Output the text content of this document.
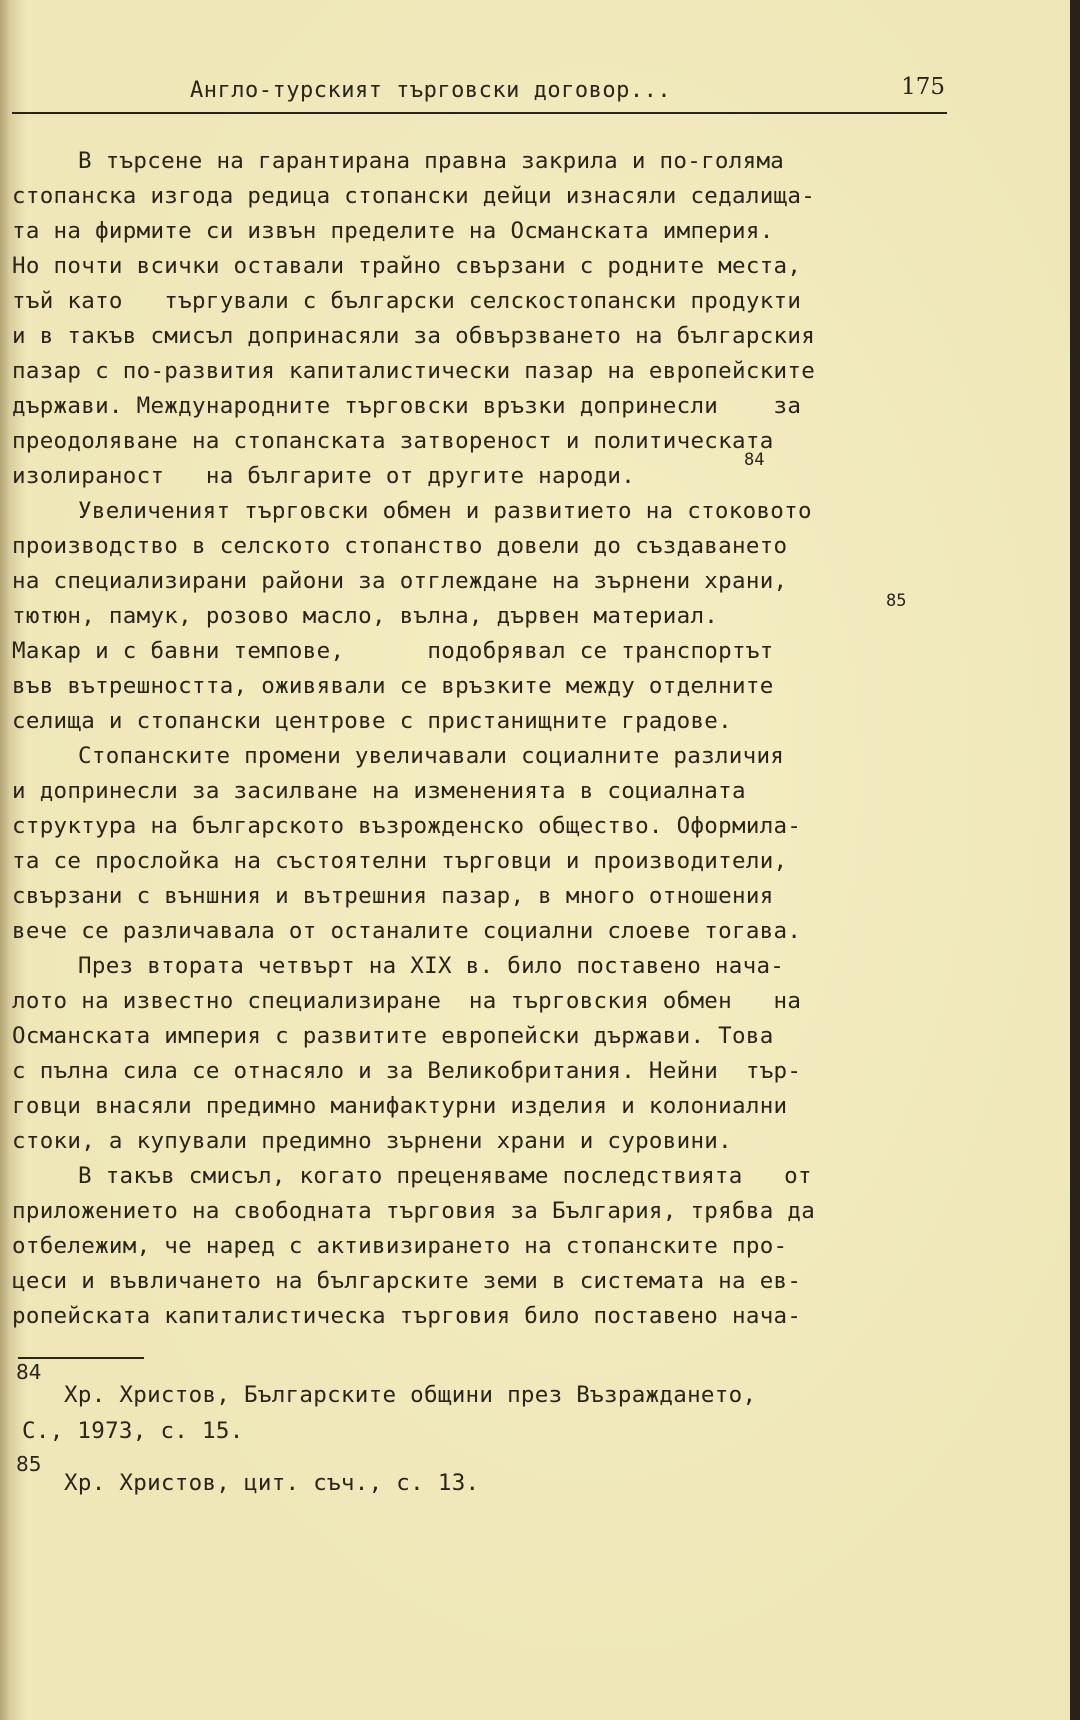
Англо-турският търговски договор...	175
В търсене на гарантирана правна закрила и по-голяма
стопанска изгода редица стопански дейци изнасяли седалища-
та на фирмите си извън пределите на Османската империя.
Но почти всички оставали трайно свързани с родните места,
тъй като   търгували с български селскостопански продукти
и в такъв смисъл допринасяли за обвързването на българския
пазар с по-развития капиталистически пазар на европейските
държави. Международните търговски връзки допринесли    за
преодоляване на стопанската затвореност и политическата
изолираност   на българите от другите народи.
Увеличеният търговски обмен и развитието на стоковото
производство в селското стопанство довели до създаването
на специализирани райони за отглеждане на зърнени храни,
тютюн, памук, розово масло, вълна, дървен материал.
Макар и с бавни темпове,      подобрявал се транспортът
във вътрешността, оживявали се връзките между отделните
селища и стопански центрове с пристанищните градове.
Стопанските промени увеличавали социалните различия
и допринесли за засилване на измененията в социалната
структура на българското възрожденско общество. Оформила-
та се прослойка на състоятелни търговци и производители,
свързани с външния и вътрешния пазар, в много отношения
вече се различавала от останалите социални слоеве тогава.
През втората четвърт на XIX в. било поставено нача-
лото на известно специализиране  на търговския обмен   на
Османската империя с развитите европейски държави. Това
с пълна сила се отнасяло и за Великобритания. Нейни  тър-
говци внасяли предимно манифактурни изделия и колониални
стоки, а купували предимно зърнени храни и суровини.
В такъв смисъл, когато преценяваме последствията   от
приложението на свободната търговия за България, трябва да
отбележим, че наред с активизирането на стопанските про-
цеси и въвличането на българските земи в системата на ев-
ропейската капиталистическа търговия било поставено нача-
84
85
84
Хр. Христов, Българските общини през Възраждането,
С., 1973, с. 15.
85
Хр. Христов, цит. съч., с. 13.
